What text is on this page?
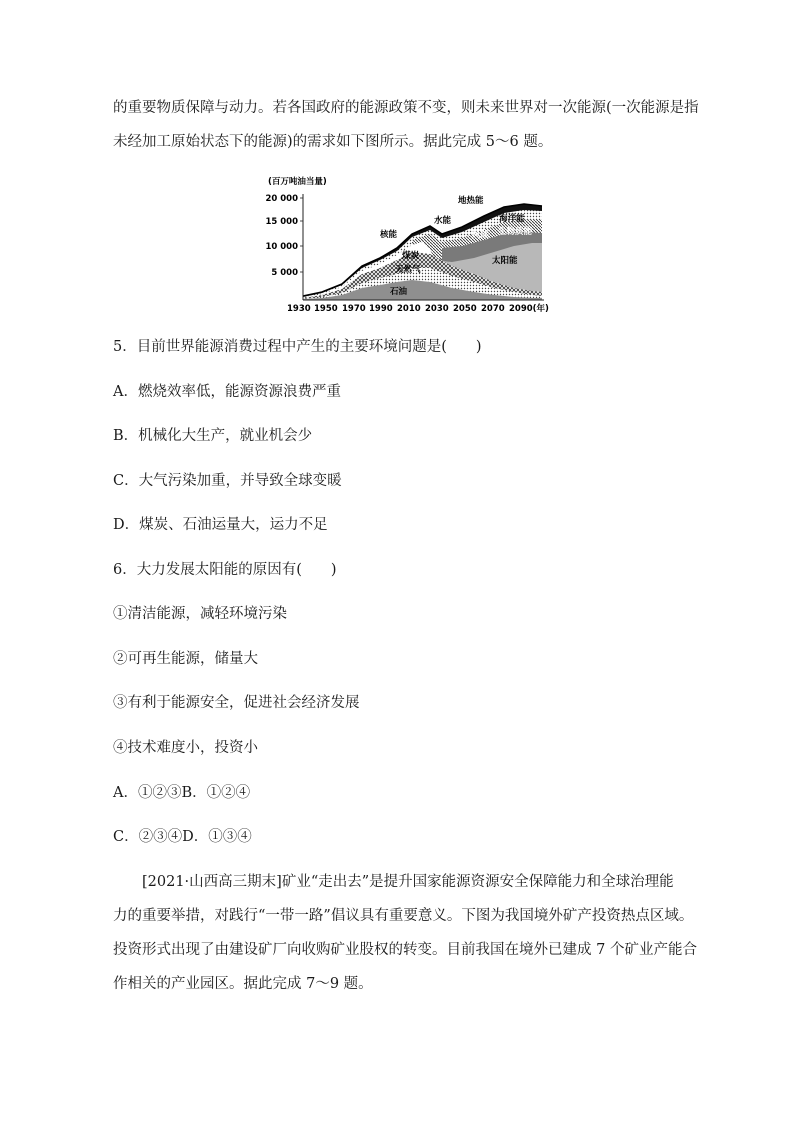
的重要物质保障与动力。若各国政府的能源政策不变，则未来世界对一次能源(一次能源是指
未经加工原始状态下的能源)的需求如下图所示。据此完成 5～6 题。
(百万吨油当量)
20 000
15 000
10 000
5 000
地热能
水能
核能
海洋能
风能 生物质能
煤炭
天然气
太阳能
石油
1930 1950 1970 1990 2010 2030 2050 2070 2090(年)
5．目前世界能源消费过程中产生的主要环境问题是(　　)
A．燃烧效率低，能源资源浪费严重
B．机械化大生产，就业机会少
C．大气污染加重，并导致全球变暖
D．煤炭、石油运量大，运力不足
6．大力发展太阳能的原因有(　　)
①清洁能源，减轻环境污染
②可再生能源，储量大
③有利于能源安全，促进社会经济发展
④技术难度小，投资小
A．①②③B．①②④
C．②③④D．①③④
[2021·山西高三期末]矿业“走出去”是提升国家能源资源安全保障能力和全球治理能
力的重要举措，对践行“一带一路”倡议具有重要意义。下图为我国境外矿产投资热点区域。
投资形式出现了由建设矿厂向收购矿业股权的转变。目前我国在境外已建成 7 个矿业产能合
作相关的产业园区。据此完成 7～9 题。
